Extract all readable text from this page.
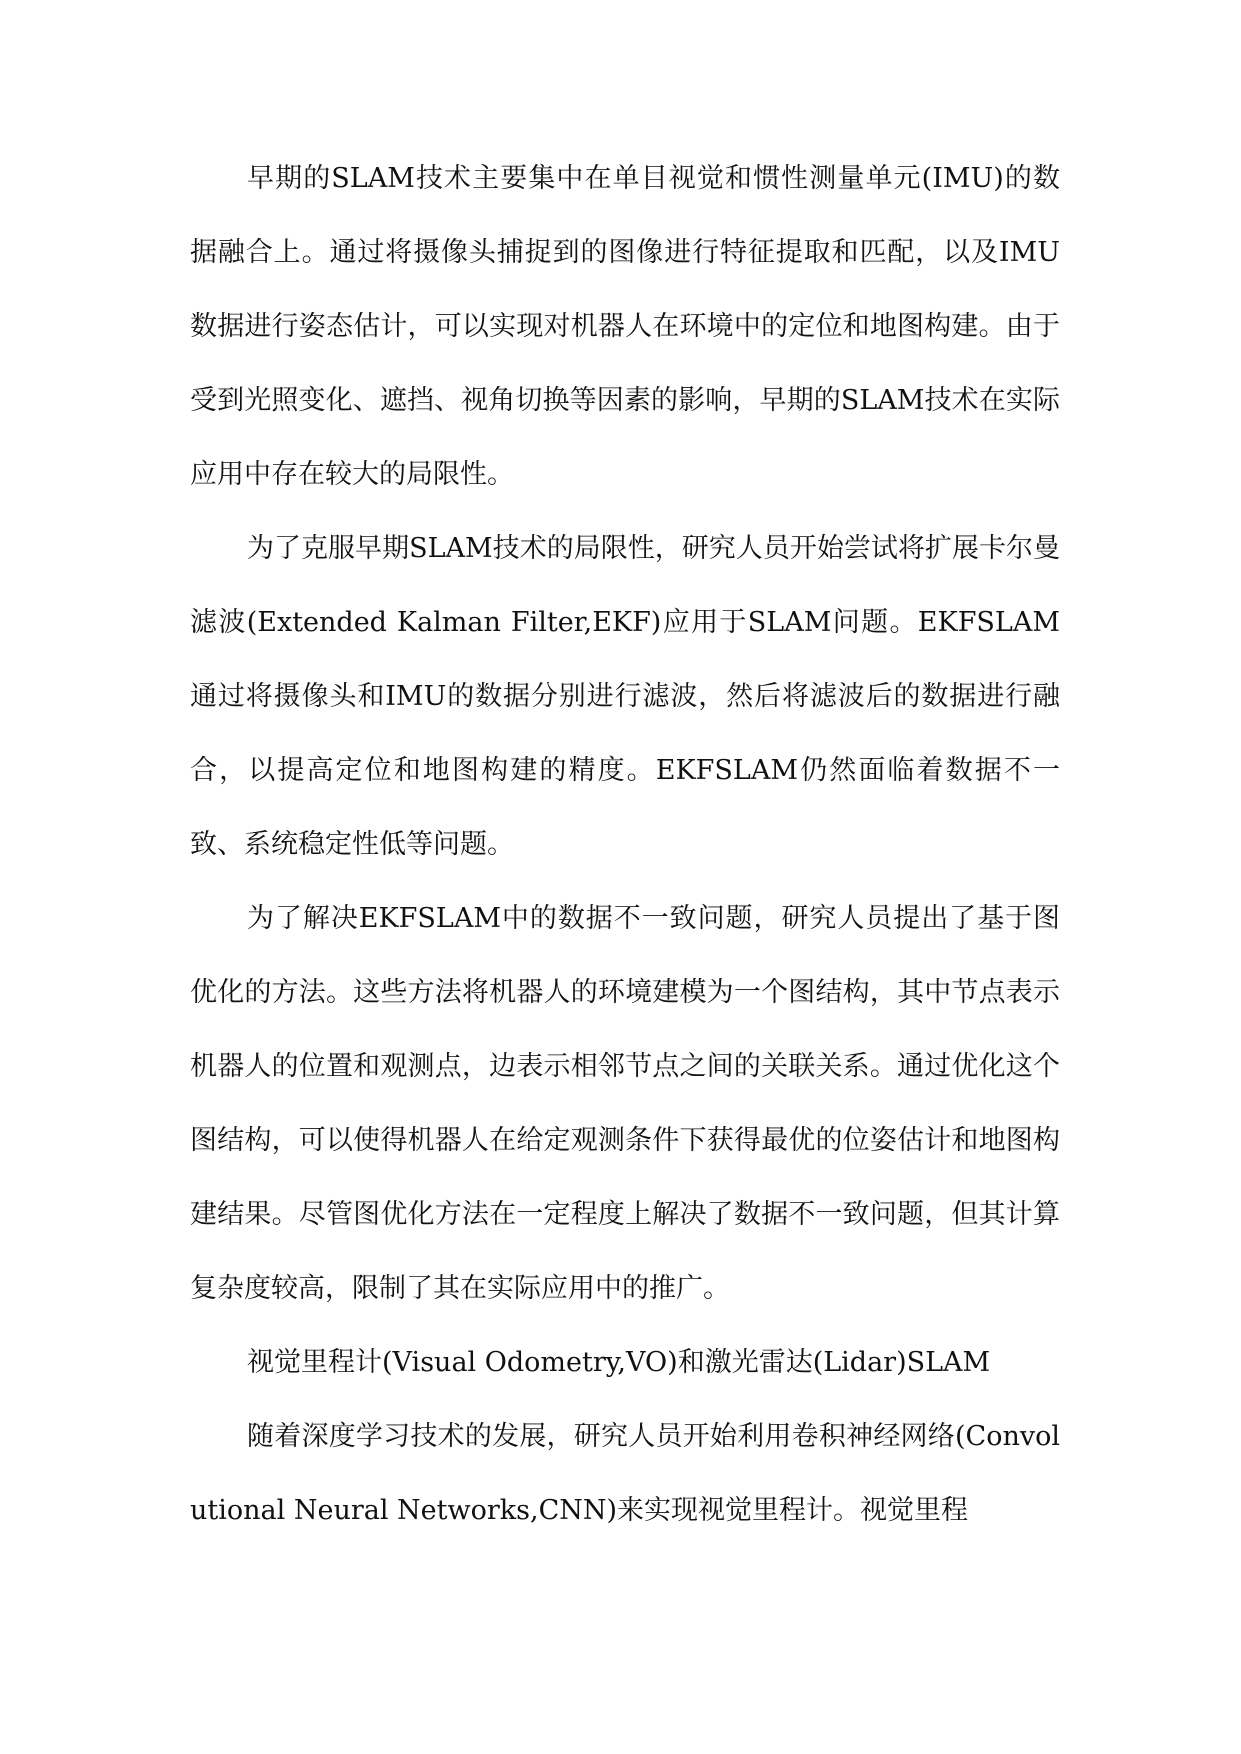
早期的SLAM技术主要集中在单目视觉和惯性测量单元(IMU)的数据融合上。通过将摄像头捕捉到的图像进行特征提取和匹配，以及IMU数据进行姿态估计，可以实现对机器人在环境中的定位和地图构建。由于受到光照变化、遮挡、视角切换等因素的影响，早期的SLAM技术在实际应用中存在较大的局限性。

为了克服早期SLAM技术的局限性，研究人员开始尝试将扩展卡尔曼滤波(Extended Kalman Filter,EKF)应用于SLAM问题。EKFSLAM通过将摄像头和IMU的数据分别进行滤波，然后将滤波后的数据进行融合，以提高定位和地图构建的精度。EKFSLAM仍然面临着数据不一致、系统稳定性低等问题。

为了解决EKFSLAM中的数据不一致问题，研究人员提出了基于图优化的方法。这些方法将机器人的环境建模为一个图结构，其中节点表示机器人的位置和观测点，边表示相邻节点之间的关联关系。通过优化这个图结构，可以使得机器人在给定观测条件下获得最优的位姿估计和地图构建结果。尽管图优化方法在一定程度上解决了数据不一致问题，但其计算复杂度较高，限制了其在实际应用中的推广。

视觉里程计(Visual Odometry,VO)和激光雷达(Lidar)SLAM

随着深度学习技术的发展，研究人员开始利用卷积神经网络(Convolutional Neural Networks,CNN)来实现视觉里程计。视觉里程
